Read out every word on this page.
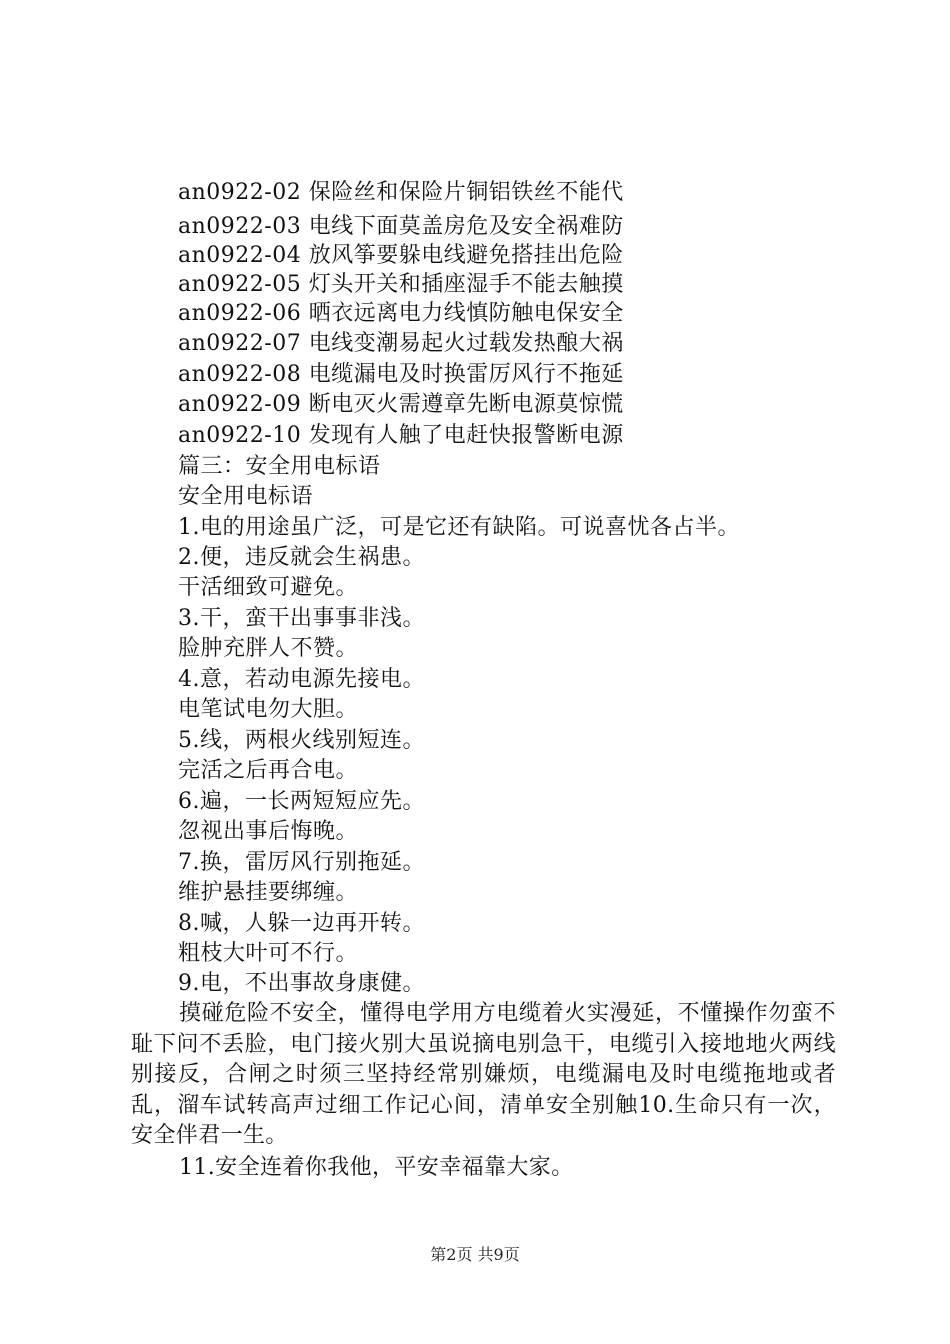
an0922-02 保险丝和保险片铜铝铁丝不能代
an0922-03 电线下面莫盖房危及安全祸难防
an0922-04 放风筝要躲电线避免搭挂出危险
an0922-05 灯头开关和插座湿手不能去触摸
an0922-06 晒衣远离电力线慎防触电保安全
an0922-07 电线变潮易起火过载发热酿大祸
an0922-08 电缆漏电及时换雷厉风行不拖延
an0922-09 断电灭火需遵章先断电源莫惊慌
an0922-10 发现有人触了电赶快报警断电源
篇三：安全用电标语
安全用电标语
1.电的用途虽广泛，可是它还有缺陷。可说喜忧各占半。
2.便，违反就会生祸患。
干活细致可避免。
3.干，蛮干出事事非浅。
脸肿充胖人不赞。
4.意，若动电源先接电。
电笔试电勿大胆。
5.线，两根火线别短连。
完活之后再合电。
6.遍，一长两短短应先。
忽视出事后悔晚。
7.换，雷厉风行别拖延。
维护悬挂要绑缠。
8.喊，人躲一边再开转。
粗枝大叶可不行。
9.电，不出事故身康健。

摸碰危险不安全，懂得电学用方电缆着火实漫延，不懂操作勿蛮不耻下问不丢脸，电门接火别大虽说摘电别急干，电缆引入接地地火两线别接反，合闸之时须三坚持经常别嫌烦，电缆漏电及时电缆拖地或者乱，溜车试转高声过细工作记心间，清单安全别触10.生命只有一次，安全伴君一生。

11.安全连着你我他，平安幸福靠大家。

第2页 共9页
